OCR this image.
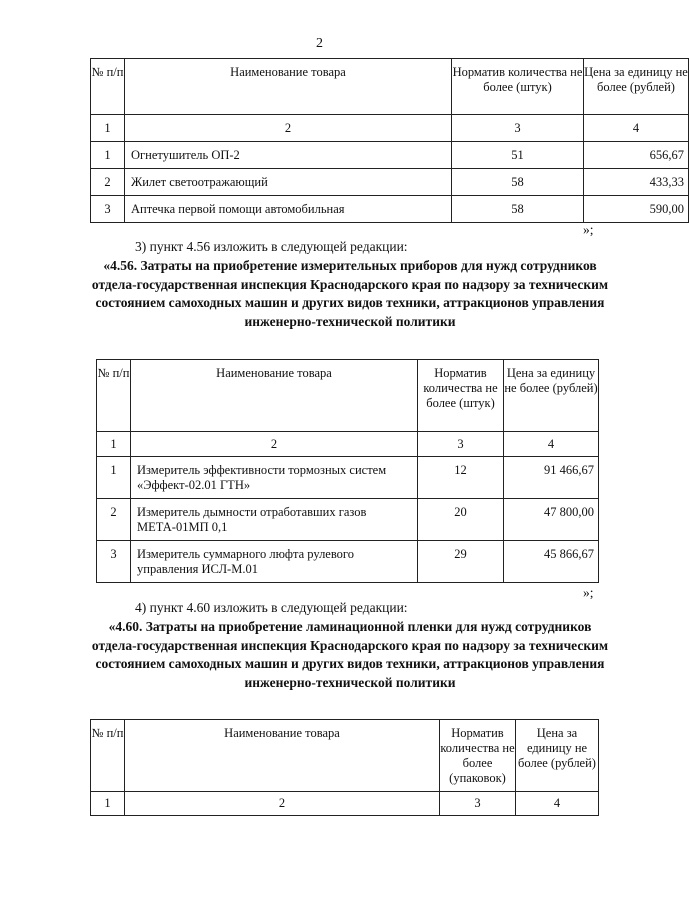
2
№ п/п	Наименование товара	Норматив количества не более (штук)	Цена за единицу не более (рублей)
1	2	3	4
1	Огнетушитель ОП-2	51	656,67
2	Жилет светоотражающий	58	433,33
3	Аптечка первой помощи автомобильная	58	590,00
»;
3) пункт 4.56 изложить в следующей редакции:
«4.56. Затраты на приобретение измерительных приборов для нужд сотрудников отдела-государственная инспекция Краснодарского края по надзору за техническим состоянием самоходных машин и других видов техники, аттракционов управления инженерно-технической политики
№ п/п	Наименование товара	Норматив количества не более (штук)	Цена за единицу не более (рублей)
1	2	3	4
1	Измеритель эффективности тормозных систем «Эффект-02.01 ГТН»	12	91 466,67
2	Измеритель дымности отработавших газов МЕТА-01МП 0,1	20	47 800,00
3	Измеритель суммарного люфта рулевого управления ИСЛ-М.01	29	45 866,67
»;
4) пункт 4.60 изложить в следующей редакции:
«4.60. Затраты на приобретение ламинационной пленки для нужд сотрудников отдела-государственная инспекция Краснодарского края по надзору за техническим состоянием самоходных машин и других видов техники, аттракционов управления инженерно-технической политики
№ п/п	Наименование товара	Норматив количества не более (упаковок)	Цена за единицу не более (рублей)
1	2	3	4
